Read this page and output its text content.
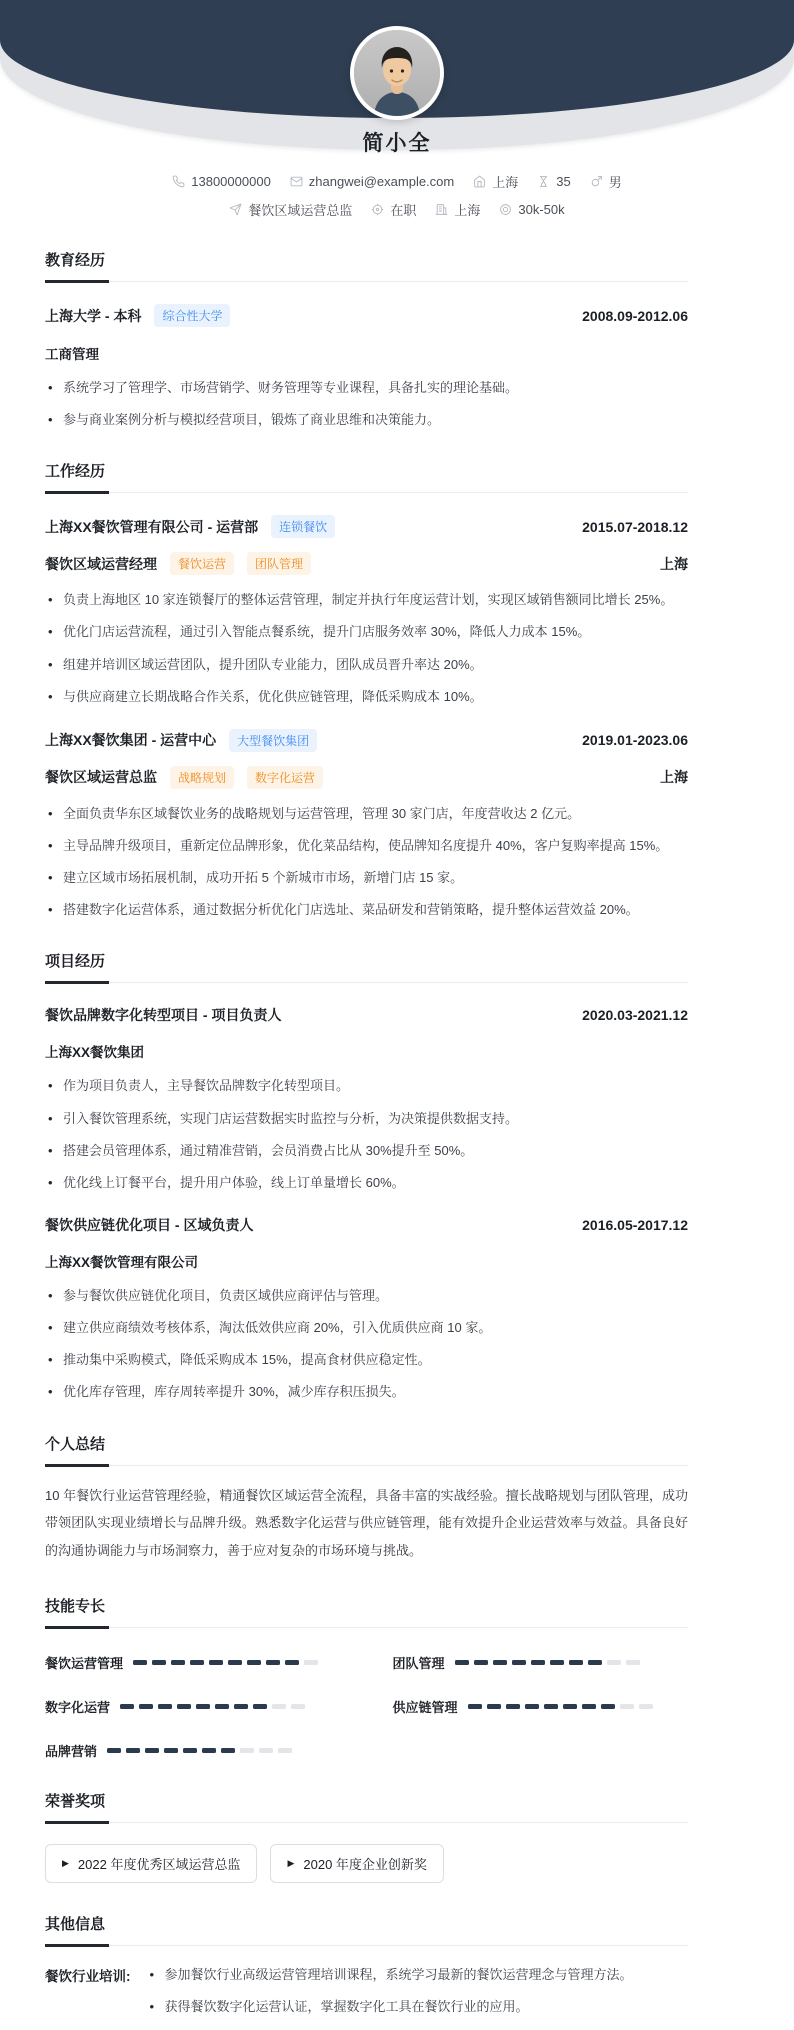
简小全
13800000000	zhangwei@example.com	上海	35	男
餐饮区域运营总监	在职	上海	30k-50k
教育经历
上海大学 - 本科	综合性大学	2008.09-2012.06
工商管理
• 系统学习了管理学、市场营销学、财务管理等专业课程，具备扎实的理论基础。
• 参与商业案例分析与模拟经营项目，锻炼了商业思维和决策能力。
工作经历
上海XX餐饮管理有限公司 - 运营部	连锁餐饮	2015.07-2018.12
餐饮区域运营经理	餐饮运营	团队管理	上海
• 负责上海地区 10 家连锁餐厅的整体运营管理，制定并执行年度运营计划，实现区域销售额同比增长 25%。
• 优化门店运营流程，通过引入智能点餐系统，提升门店服务效率 30%，降低人力成本 15%。
• 组建并培训区域运营团队，提升团队专业能力，团队成员晋升率达 20%。
• 与供应商建立长期战略合作关系，优化供应链管理，降低采购成本 10%。
上海XX餐饮集团 - 运营中心	大型餐饮集团	2019.01-2023.06
餐饮区域运营总监	战略规划	数字化运营	上海
• 全面负责华东区域餐饮业务的战略规划与运营管理，管理 30 家门店，年度营收达 2 亿元。
• 主导品牌升级项目，重新定位品牌形象，优化菜品结构，使品牌知名度提升 40%，客户复购率提高 15%。
• 建立区域市场拓展机制，成功开拓 5 个新城市市场，新增门店 15 家。
• 搭建数字化运营体系，通过数据分析优化门店选址、菜品研发和营销策略，提升整体运营效益 20%。
项目经历
餐饮品牌数字化转型项目 - 项目负责人	2020.03-2021.12
上海XX餐饮集团
• 作为项目负责人，主导餐饮品牌数字化转型项目。
• 引入餐饮管理系统，实现门店运营数据实时监控与分析，为决策提供数据支持。
• 搭建会员管理体系，通过精准营销，会员消费占比从 30%提升至 50%。
• 优化线上订餐平台，提升用户体验，线上订单量增长 60%。
餐饮供应链优化项目 - 区域负责人	2016.05-2017.12
上海XX餐饮管理有限公司
• 参与餐饮供应链优化项目，负责区域供应商评估与管理。
• 建立供应商绩效考核体系，淘汰低效供应商 20%，引入优质供应商 10 家。
• 推动集中采购模式，降低采购成本 15%，提高食材供应稳定性。
• 优化库存管理，库存周转率提升 30%，减少库存积压损失。
个人总结

10 年餐饮行业运营管理经验，精通餐饮区域运营全流程，具备丰富的实战经验。擅长战略规划与团队管理，成功带领团队实现业绩增长与品牌升级。熟悉数字化运营与供应链管理，能有效提升企业运营效率与效益。具备良好的沟通协调能力与市场洞察力，善于应对复杂的市场环境与挑战。

技能专长
餐饮运营管理	团队管理
数字化运营	供应链管理
品牌营销
荣誉奖项
▶ 2022 年度优秀区域运营总监	▶ 2020 年度企业创新奖
其他信息
餐饮行业培训:	• 参加餐饮行业高级运营管理培训课程，系统学习最新的餐饮运营理念与管理方法。
• 获得餐饮数字化运营认证，掌握数字化工具在餐饮行业的应用。
